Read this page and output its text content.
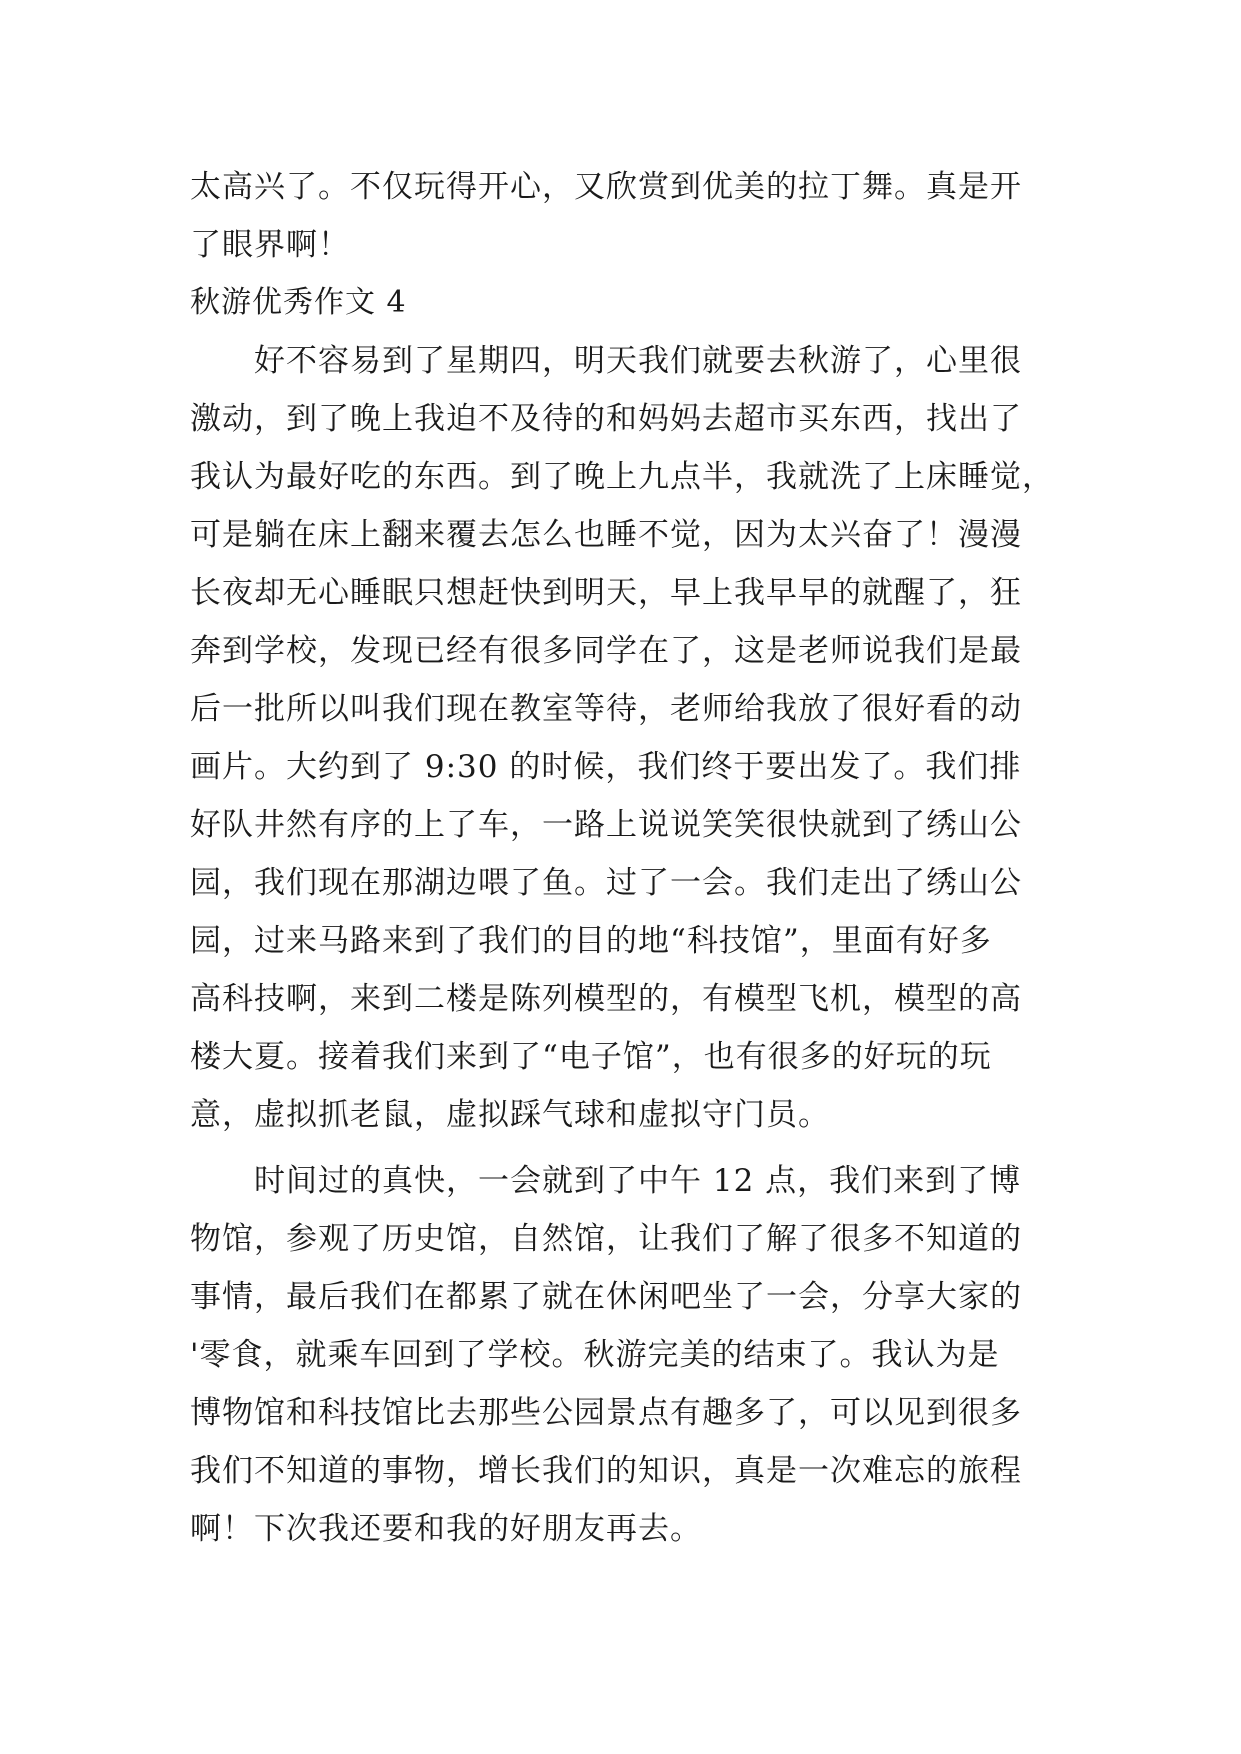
太高兴了。不仅玩得开心，又欣赏到优美的拉丁舞。真是开
了眼界啊！
秋游优秀作文 4
好不容易到了星期四，明天我们就要去秋游了，心里很
激动，到了晚上我迫不及待的和妈妈去超市买东西，找出了
我认为最好吃的东西。到了晚上九点半，我就洗了上床睡觉，
可是躺在床上翻来覆去怎么也睡不觉，因为太兴奋了！漫漫
长夜却无心睡眠只想赶快到明天，早上我早早的就醒了，狂
奔到学校，发现已经有很多同学在了，这是老师说我们是最
后一批所以叫我们现在教室等待，老师给我放了很好看的动
画片。大约到了 9:30 的时候，我们终于要出发了。我们排
好队井然有序的上了车，一路上说说笑笑很快就到了绣山公
园，我们现在那湖边喂了鱼。过了一会。我们走出了绣山公
园，过来马路来到了我们的目的地“科技馆”，里面有好多
高科技啊，来到二楼是陈列模型的，有模型飞机，模型的高
楼大夏。接着我们来到了“电子馆”，也有很多的好玩的玩
意，虚拟抓老鼠，虚拟踩气球和虚拟守门员。
时间过的真快，一会就到了中午 12 点，我们来到了博
物馆，参观了历史馆，自然馆，让我们了解了很多不知道的
事情，最后我们在都累了就在休闲吧坐了一会，分享大家的
'零食，就乘车回到了学校。秋游完美的结束了。我认为是
博物馆和科技馆比去那些公园景点有趣多了，可以见到很多
我们不知道的事物，增长我们的知识，真是一次难忘的旅程
啊！下次我还要和我的好朋友再去。
